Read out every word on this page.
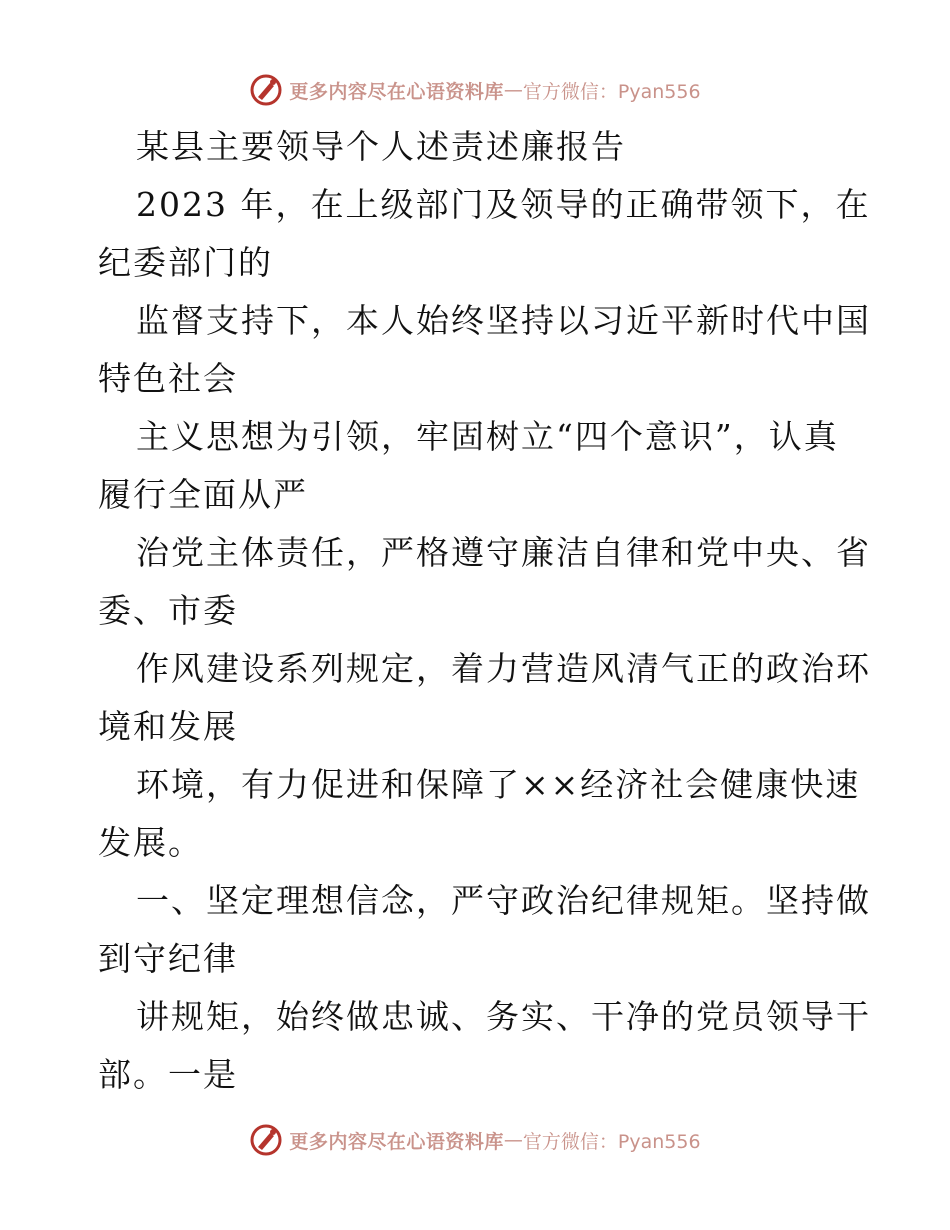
更多内容尽在心语资料库 — 官方微信：Pyan556
某县主要领导个人述责述廉报告
2023 年，在上级部门及领导的正确带领下，在
纪委部门的
监督支持下，本人始终坚持以习近平新时代中国
特色社会
主义思想为引领，牢固树立“四个意识”，认真
履行全面从严
治党主体责任，严格遵守廉洁自律和党中央、省
委、市委
作风建设系列规定，着力营造风清气正的政治环
境和发展
环境，有力促进和保障了××经济社会健康快速
发展。
一、坚定理想信念，严守政治纪律规矩。坚持做
到守纪律
讲规矩，始终做忠诚、务实、干净的党员领导干
部。一是
更多内容尽在心语资料库 — 官方微信：Pyan556
